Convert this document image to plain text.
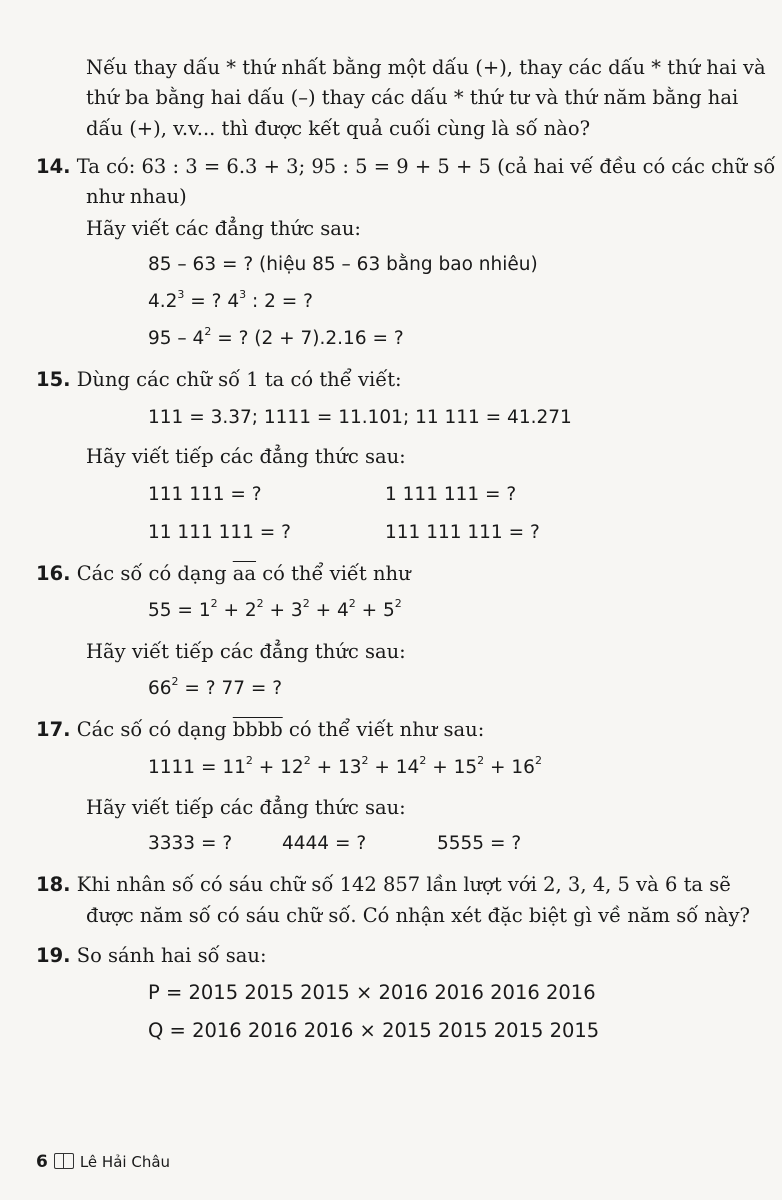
Nếu thay dấu * thứ nhất bằng một dấu (+), thay các dấu * thứ hai và
thứ ba bằng hai dấu (–) thay các dấu * thứ tư và thứ năm bằng hai
dấu (+), v.v... thì được kết quả cuối cùng là số nào?
14. Ta có: 63 : 3 = 6.3 + 3; 95 : 5 = 9 + 5 + 5 (cả hai vế đều có các chữ số
như nhau)
Hãy viết các đẳng thức sau:
85 – 63 = ? (hiệu 85 – 63 bằng bao nhiêu)
$4.2^3$ = ? $4^3$ : 2 = ?
$95 - 4^2$ = ? (2 + 7).2.16 = ?
15. Dùng các chữ số 1 ta có thể viết:
111 = 3.37; 1111 = 11.101; 11 111 = 41.271
Hãy viết tiếp các đẳng thức sau:
111 111 = ?	1 111 111 = ?
11 111 111 = ?	111 111 111 = ?
16. Các số có dạng $\overline{aa}$ có thể viết như
$55 = 1^2 + 2^2 + 3^2 + 4^2 + 5^2$
Hãy viết tiếp các đẳng thức sau:
$66^2$ = ? 77 = ?
17. Các số có dạng bbbb có thể viết như sau:
$1111 = 11^2 + 12^2 + 13^2 + 14^2 + 15^2 + 16^2$
Hãy viết tiếp các đẳng thức sau:
3333 = ?	4444 = ?	5555 = ?
18. Khi nhân số có sáu chữ số 142 857 lần lượt với 2, 3, 4, 5 và 6 ta sẽ
được năm số có sáu chữ số. Có nhận xét đặc biệt gì về năm số này?
19. So sánh hai số sau:
P = 2015 2015 2015 × 2016 2016 2016 2016
Q = 2016 2016 2016 × 2015 2015 2015 2015
6 Lê Hải Châu
